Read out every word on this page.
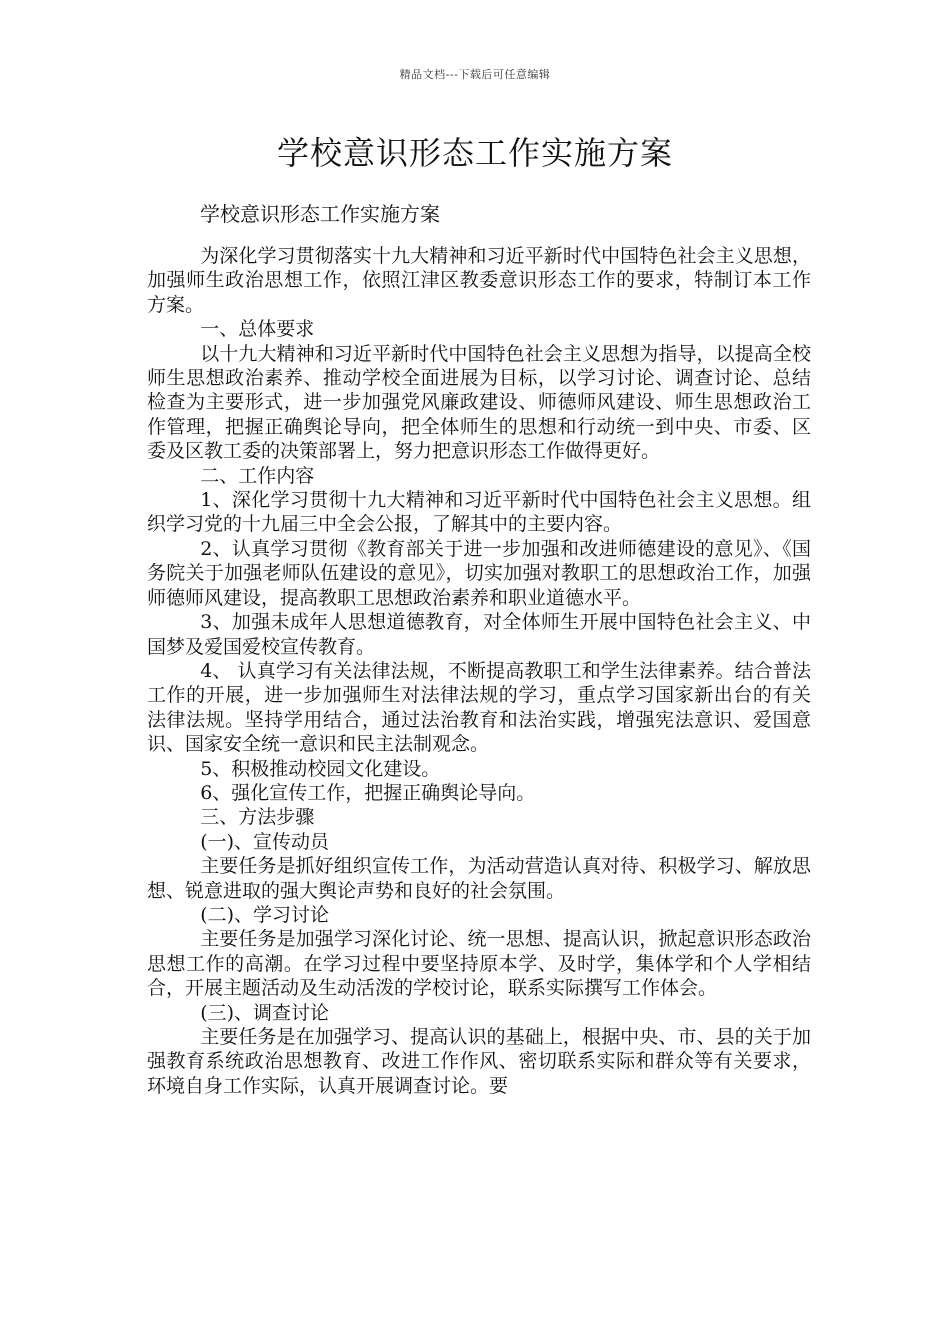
精品文档---下载后可任意编辑
学校意识形态工作实施方案

学校意识形态工作实施方案

为深化学习贯彻落实十九大精神和习近平新时代中国特色社会主义思想，加强师生政治思想工作，依照江津区教委意识形态工作的要求，特制订本工作方案。

一、总体要求

以十九大精神和习近平新时代中国特色社会主义思想为指导，以提高全校师生思想政治素养、推动学校全面进展为目标，以学习讨论、调查讨论、总结检查为主要形式，进一步加强党风廉政建设、师德师风建设、师生思想政治工作管理，把握正确舆论导向，把全体师生的思想和行动统一到中央、市委、区委及区教工委的决策部署上，努力把意识形态工作做得更好。

二、工作内容

1、深化学习贯彻十九大精神和习近平新时代中国特色社会主义思想。组织学习党的十九届三中全会公报，了解其中的主要内容。

2、认真学习贯彻《教育部关于进一步加强和改进师德建设的意见》、《国务院关于加强老师队伍建设的意见》，切实加强对教职工的思想政治工作，加强师德师风建设，提高教职工思想政治素养和职业道德水平。

3、加强未成年人思想道德教育，对全体师生开展中国特色社会主义、中国梦及爱国爱校宣传教育。

4、 认真学习有关法律法规，不断提高教职工和学生法律素养。结合普法工作的开展，进一步加强师生对法律法规的学习，重点学习国家新出台的有关法律法规。坚持学用结合，通过法治教育和法治实践，增强宪法意识、爱国意识、国家安全统一意识和民主法制观念。

5、积极推动校园文化建设。

6、强化宣传工作，把握正确舆论导向。

三、方法步骤

(一)、宣传动员

主要任务是抓好组织宣传工作，为活动营造认真对待、积极学习、解放思想、锐意进取的强大舆论声势和良好的社会氛围。

(二)、学习讨论

主要任务是加强学习深化讨论、统一思想、提高认识，掀起意识形态政治思想工作的高潮。在学习过程中要坚持原本学、及时学，集体学和个人学相结合，开展主题活动及生动活泼的学校讨论，联系实际撰写工作体会。

(三)、调查讨论

主要任务是在加强学习、提高认识的基础上，根据中央、市、县的关于加强教育系统政治思想教育、改进工作作风、密切联系实际和群众等有关要求，环境自身工作实际，认真开展调查讨论。要
